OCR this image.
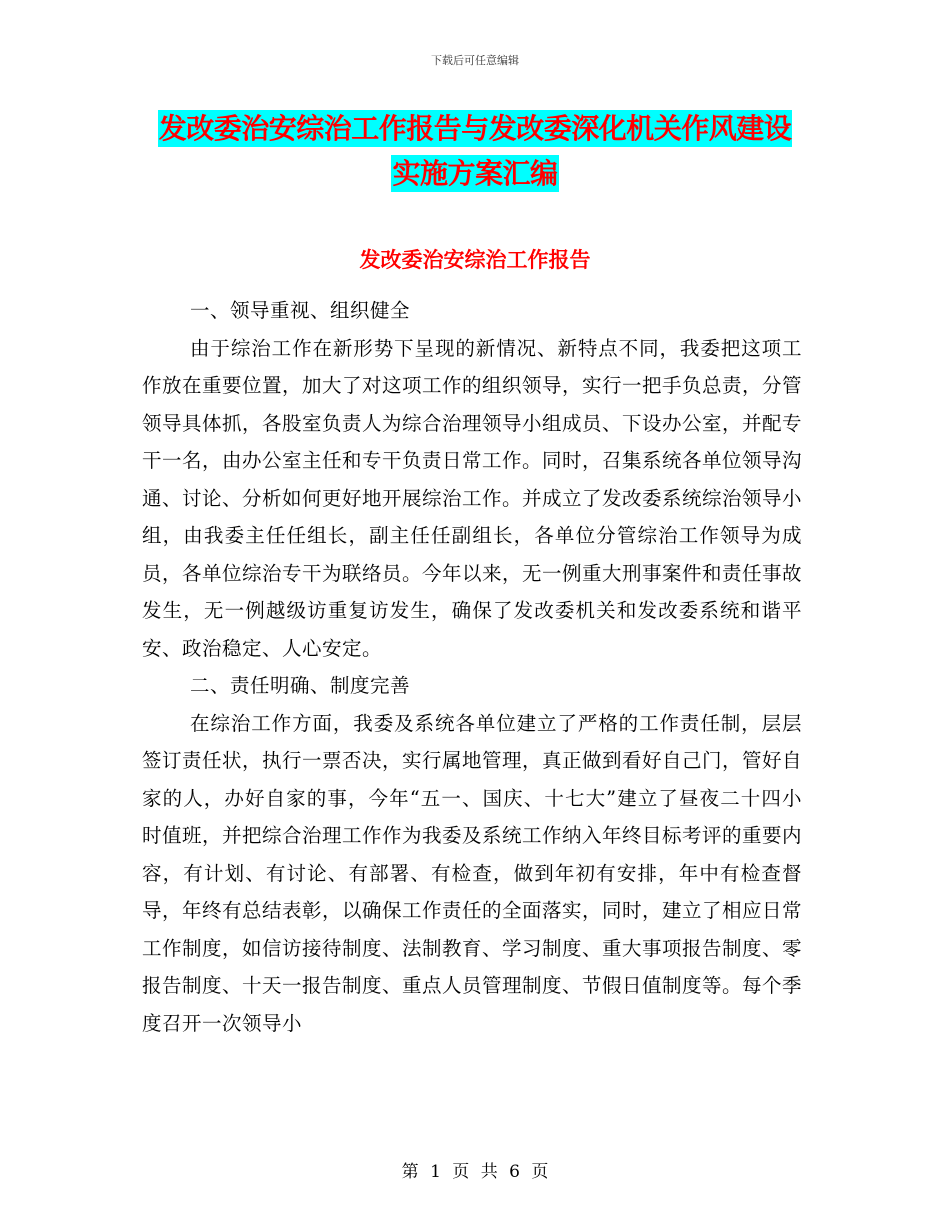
下载后可任意编辑
发改委治安综治工作报告与发改委深化机关作风建设
实施方案汇编
发改委治安综治工作报告

一、领导重视、组织健全

由于综治工作在新形势下呈现的新情况、新特点不同，我委把这项工作放在重要位置，加大了对这项工作的组织领导，实行一把手负总责，分管领导具体抓，各股室负责人为综合治理领导小组成员、下设办公室，并配专干一名，由办公室主任和专干负责日常工作。同时，召集系统各单位领导沟通、讨论、分析如何更好地开展综治工作。并成立了发改委系统综治领导小组，由我委主任任组长，副主任任副组长，各单位分管综治工作领导为成员，各单位综治专干为联络员。今年以来，无一例重大刑事案件和责任事故发生，无一例越级访重复访发生，确保了发改委机关和发改委系统和谐平安、政治稳定、人心安定。

二、责任明确、制度完善

在综治工作方面，我委及系统各单位建立了严格的工作责任制，层层签订责任状，执行一票否决，实行属地管理，真正做到看好自己门，管好自家的人，办好自家的事，今年“五一、国庆、十七大”建立了昼夜二十四小时值班，并把综合治理工作作为我委及系统工作纳入年终目标考评的重要内容，有计划、有讨论、有部署、有检查，做到年初有安排，年中有检查督导，年终有总结表彰，以确保工作责任的全面落实，同时，建立了相应日常工作制度，如信访接待制度、法制教育、学习制度、重大事项报告制度、零报告制度、十天一报告制度、重点人员管理制度、节假日值制度等。每个季度召开一次领导小

第 1 页 共 6 页
